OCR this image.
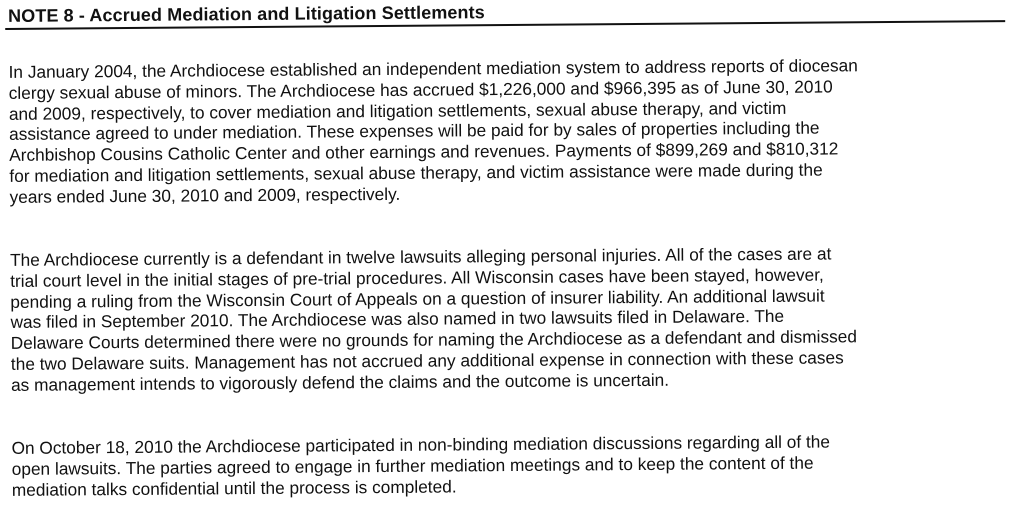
NOTE 8 - Accrued Mediation and Litigation Settlements

In January 2004, the Archdiocese established an independent mediation system to address reports of diocesan
clergy sexual abuse of minors. The Archdiocese has accrued $1,226,000 and $966,395 as of June 30, 2010
and 2009, respectively, to cover mediation and litigation settlements, sexual abuse therapy, and victim
assistance agreed to under mediation. These expenses will be paid for by sales of properties including the
Archbishop Cousins Catholic Center and other earnings and revenues. Payments of $899,269 and $810,312
for mediation and litigation settlements, sexual abuse therapy, and victim assistance were made during the
years ended June 30, 2010 and 2009, respectively.

The Archdiocese currently is a defendant in twelve lawsuits alleging personal injuries. All of the cases are at
trial court level in the initial stages of pre-trial procedures. All Wisconsin cases have been stayed, however,
pending a ruling from the Wisconsin Court of Appeals on a question of insurer liability. An additional lawsuit
was filed in September 2010. The Archdiocese was also named in two lawsuits filed in Delaware. The
Delaware Courts determined there were no grounds for naming the Archdiocese as a defendant and dismissed
the two Delaware suits. Management has not accrued any additional expense in connection with these cases
as management intends to vigorously defend the claims and the outcome is uncertain.

On October 18, 2010 the Archdiocese participated in non-binding mediation discussions regarding all of the
open lawsuits. The parties agreed to engage in further mediation meetings and to keep the content of the
mediation talks confidential until the process is completed.
